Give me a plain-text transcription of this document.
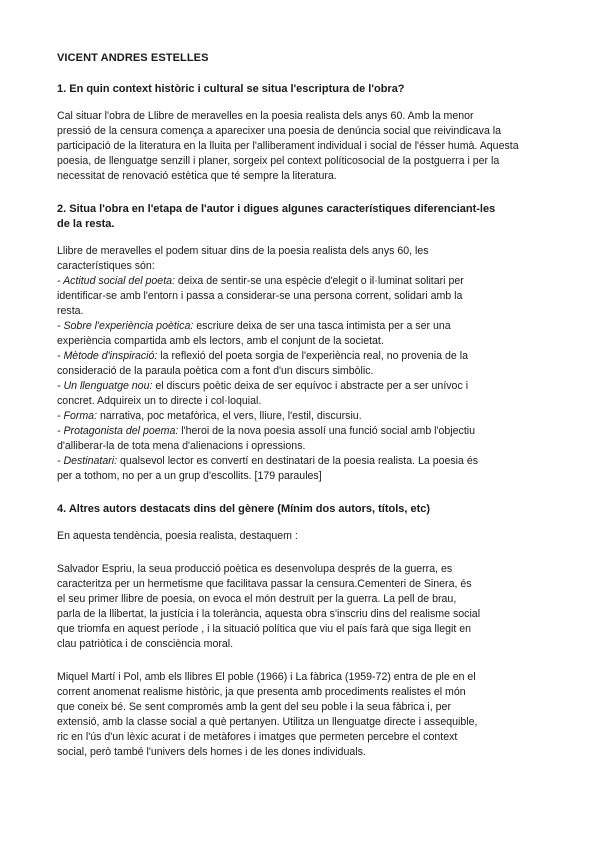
VICENT ANDRES ESTELLES
1. En quin context històric i cultural se situa l'escriptura de l'obra?
Cal situar l'obra de Llibre de meravelles en la poesia realista dels anys 60. Amb la menor
pressió de la censura comença a aparecixer una poesia de denúncia social que reivindicava la
participació de la literatura en la lluita per l'alliberament individual i social de l'ésser humà. Aquesta
poesia, de llenguatge senzill i planer, sorgeix pel context políticosocial de la postguerra i per la
necessitat de renovació estètica que té sempre la literatura.
2. Situa l'obra en l'etapa de l'autor i digues algunes característiques diferenciant-les
de la resta.
Llibre de meravelles el podem situar dins de la poesia realista dels anys 60, les
característiques són:
- Actitud social del poeta: deixa de sentir-se una espècie d'elegit o il·luminat solitari per
identificar-se amb l'entorn i passa a considerar-se una persona corrent, solidari amb la
resta.
- Sobre l'experiència poètica: escriure deixa de ser una tasca intimista per a ser una
experiència compartida amb els lectors, amb el conjunt de la societat.
- Mètode d'inspiració: la reflexió del poeta sorgia de l'experiència real, no provenia de la
consideració de la paraula poètica com a font d'un discurs simbòlic.
- Un llenguatge nou: el discurs poètic deixa de ser equívoc i abstracte per a ser unívoc i
concret. Adquireix un to directe i col·loquial.
- Forma: narrativa, poc metafòrica, el vers, lliure, l'estil, discursiu.
- Protagonista del poema: l'heroi de la nova poesia assolí una funció social amb l'objectiu
d'alliberar-la de tota mena d'alienacions i opressions.
- Destinatari: qualsevol lector es convertí en destinatari de la poesia realista. La poesia és
per a tothom, no per a un grup d'escollits. [179 paraules]
4. Altres autors destacats dins del gènere (Mínim dos autors, títols, etc)
En aquesta tendència, poesia realista, destaquem :
Salvador Espriu, la seua producció poètica es desenvolupa després de la guerra, es
caracteritza per un hermetisme que facilitava passar la censura.Cementeri de Sinera, és
el seu primer llibre de poesia, on evoca el món destruït per la guerra. La pell de brau,
parla de la llibertat, la justícia i la tolerància, aquesta obra s'inscriu dins del realisme social
que triomfa en aquest període , i la situació política que viu el país farà que siga llegit en
clau patriòtica i de consciència moral.
Miquel Martí i Pol, amb els llibres El poble (1966) i La fàbrica (1959-72) entra de ple en el
corrent anomenat realisme històric, ja que presenta amb procediments realistes el món
que coneix bé. Se sent compromés amb la gent del seu poble i la seua fàbrica i, per
extensió, amb la classe social a què pertanyen. Utilitza un llenguatge directe i assequible,
ric en l'ús d'un lèxic acurat i de metàfores i imatges que permeten percebre el context
social, però també l'univers dels homes i de les dones individuals.
